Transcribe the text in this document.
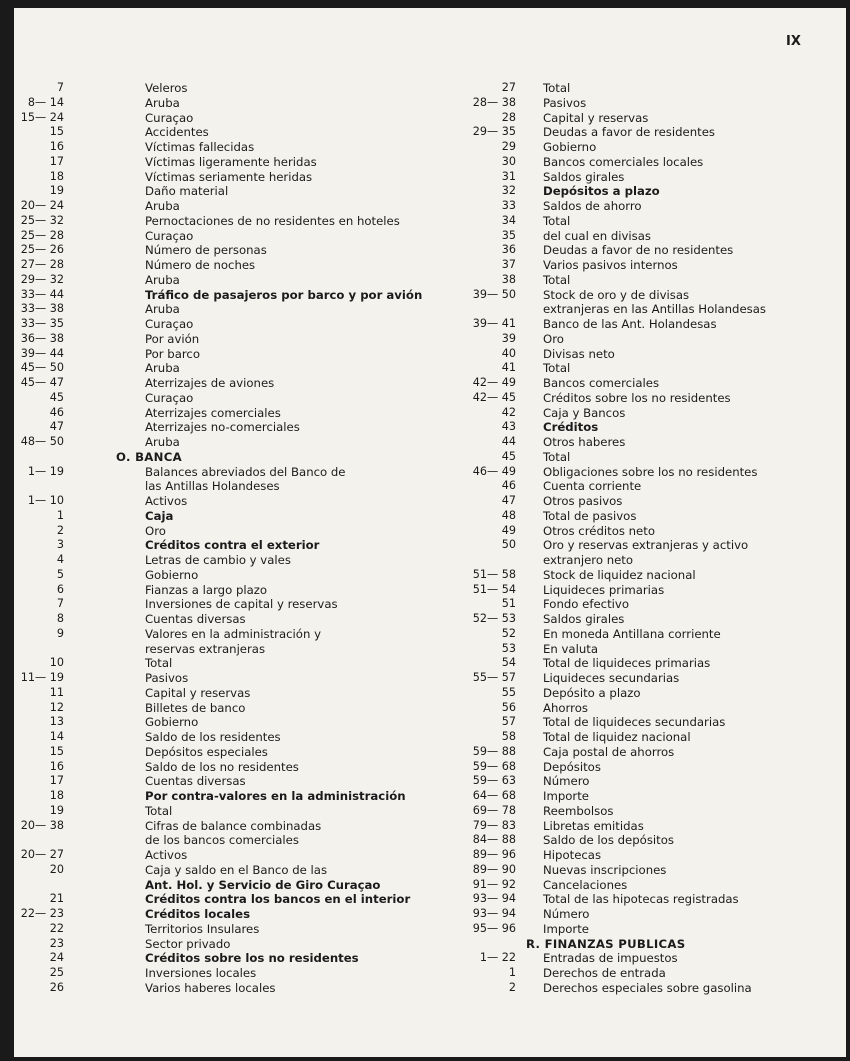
IX
7	Veleros
8— 14	Aruba
15— 24	Curaçao
15	Accidentes
16	Víctimas fallecidas
17	Víctimas ligeramente heridas
18	Víctimas seriamente heridas
19	Daño material
20— 24	Aruba
25— 32	Pernoctaciones de no residentes en hoteles
25— 28	Curaçao
25— 26	Número de personas
27— 28	Número de noches
29— 32	Aruba
33— 44	Tráfico de pasajeros por barco y por avión
33— 38	Aruba
33— 35	Curaçao
36— 38	Por avión
39— 44	Por barco
45— 50	Aruba
45— 47	Aterrizajes de aviones
45	Curaçao
46	Aterrizajes comerciales
47	Aterrizajes no-comerciales
48— 50	Aruba
O. BANCA
1— 19	Balances abreviados del Banco de
las Antillas Holandeses
1— 10	Activos
1	Caja
2	Oro
3	Créditos contra el exterior
4	Letras de cambio y vales
5	Gobierno
6	Fianzas a largo plazo
7	Inversiones de capital y reservas
8	Cuentas diversas
9	Valores en la administración y
reservas extranjeras
10	Total
11— 19	Pasivos
11	Capital y reservas
12	Billetes de banco
13	Gobierno
14	Saldo de los residentes
15	Depósitos especiales
16	Saldo de los no residentes
17	Cuentas diversas
18	Por contra-valores en la administración
19	Total
20— 38	Cifras de balance combinadas
de los bancos comerciales
20— 27	Activos
20	Caja y saldo en el Banco de las
Ant. Hol. y Servicio de Giro Curaçao
21	Créditos contra los bancos en el interior
22— 23	Créditos locales
22	Territorios Insulares
23	Sector privado
24	Créditos sobre los no residentes
25	Inversiones locales
26	Varios haberes locales
27 Total
28— 38 Pasivos
28 Capital y reservas
29— 35 Deudas a favor de residentes
29 Gobierno
30 Bancos comerciales locales
31 Saldos girales
32 Depósitos a plazo
33 Saldos de ahorro
34 Total
35 del cual en divisas
36 Deudas a favor de no residentes
37 Varios pasivos internos
38 Total
39— 50 Stock de oro y de divisas
extranjeras en las Antillas Holandesas
39— 41 Banco de las Ant. Holandesas
39 Oro
40 Divisas neto
41 Total
42— 49 Bancos comerciales
42— 45 Créditos sobre los no residentes
42 Caja y Bancos
43 Créditos
44 Otros haberes
45 Total
46— 49 Obligaciones sobre los no residentes
46 Cuenta corriente
47 Otros pasivos
48 Total de pasivos
49 Otros créditos neto
50 Oro y reservas extranjeras y activo
extranjero neto
51— 58 Stock de liquidez nacional
51— 54 Liquideces primarias
51 Fondo efectivo
52— 53 Saldos girales
52 En moneda Antillana corriente
53 En valuta
54 Total de liquideces primarias
55— 57 Liquideces secundarias
55 Depósito a plazo
56 Ahorros
57 Total de liquideces secundarias
58 Total de liquidez nacional
59— 88 Caja postal de ahorros
59— 68 Depósitos
59— 63 Número
64— 68 Importe
69— 78 Reembolsos
79— 83 Libretas emitidas
84— 88 Saldo de los depósitos
89— 96 Hipotecas
89— 90 Nuevas inscripciones
91— 92 Cancelaciones
93— 94 Total de las hipotecas registradas
93— 94 Número
95— 96 Importe
R. FINANZAS PUBLICAS
1— 22 Entradas de impuestos
1 Derechos de entrada
2 Derechos especiales sobre gasolina
